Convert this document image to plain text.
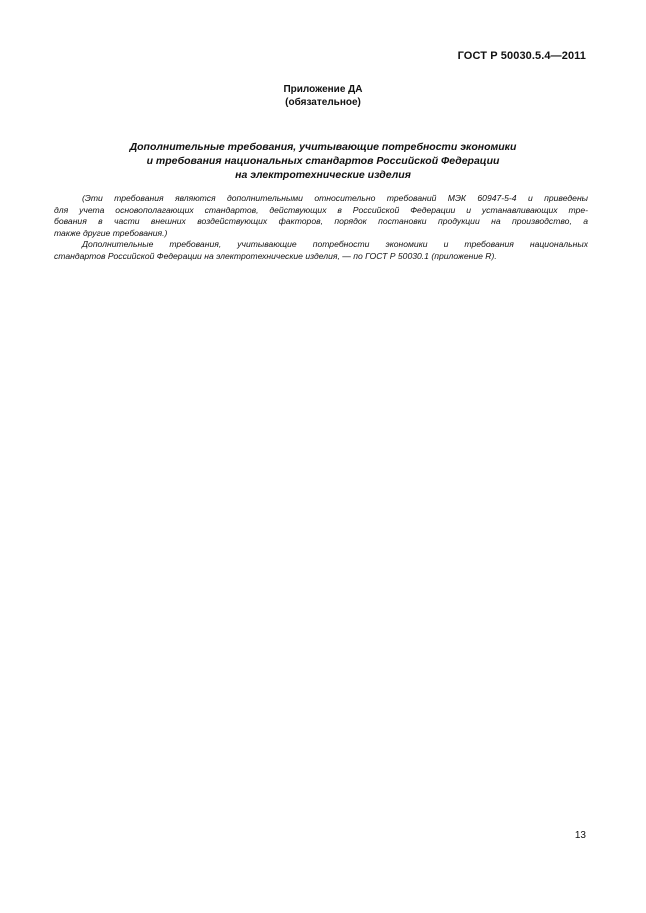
ГОСТ Р 50030.5.4—2011
Приложение ДА
(обязательное)
Дополнительные требования, учитывающие потребности экономики
и требования национальных стандартов Российской Федерации
на электротехнические изделия
(Эти требования являются дополнительными относительно требований МЭК 60947-5-4 и приведены
для учета основополагающих стандартов, действующих в Российской Федерации и устанавливающих тре-
бования в части внешних воздействующих факторов, порядок постановки продукции на производство, а
также другие требования.)
Дополнительные требования, учитывающие потребности экономики и требования национальных
стандартов Российской Федерации на электротехнические изделия, — по ГОСТ Р 50030.1 (приложение R).
13
